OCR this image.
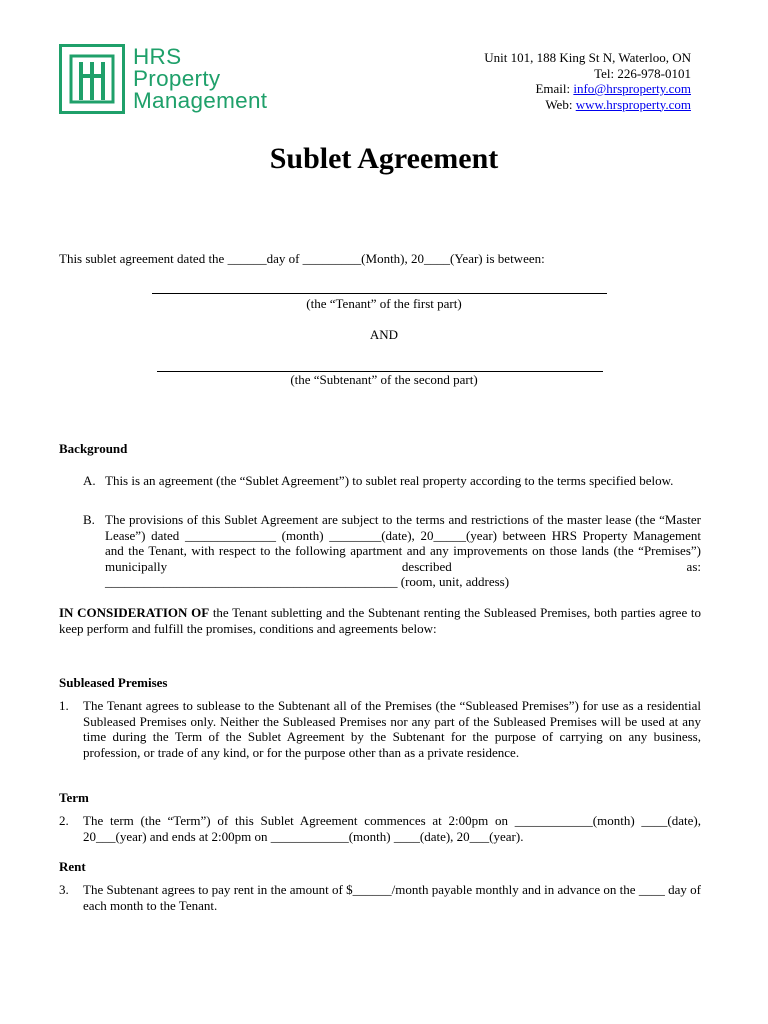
HRS
Property
Management
Unit 101, 188 King St N, Waterloo, ON
Tel: 226-978-0101
Email: info@hrsproperty.com
Web: www.hrsproperty.com
Sublet Agreement
This sublet agreement dated the ______day of _________(Month), 20____(Year) is between:
(the “Tenant” of the first part)
AND
(the “Subtenant” of the second part)
Background
A. This is an agreement (the “Sublet Agreement”) to sublet real property according to the terms specified below.
B. The provisions of this Sublet Agreement are subject to the terms and restrictions of the master lease (the “Master Lease”) dated ______________ (month) ________(date), 20_____(year) between HRS Property Management and the Tenant, with respect to the following apartment and any improvements on those lands (the “Premises”) municipally described as:
_____________________________________________ (room, unit, address)
IN CONSIDERATION OF the Tenant subletting and the Subtenant renting the Subleased Premises, both parties agree to keep perform and fulfill the promises, conditions and agreements below:
Subleased Premises
1. The Tenant agrees to sublease to the Subtenant all of the Premises (the “Subleased Premises”) for use as a residential Subleased Premises only. Neither the Subleased Premises nor any part of the Subleased Premises will be used at any time during the Term of the Sublet Agreement by the Subtenant for the purpose of carrying on any business, profession, or trade of any kind, or for the purpose other than as a private residence.
Term
2. The term (the “Term”) of this Sublet Agreement commences at 2:00pm on ____________(month) ____(date), 20___(year) and ends at 2:00pm on ____________(month) ____(date), 20___(year).
Rent
3. The Subtenant agrees to pay rent in the amount of $______/month payable monthly and in advance on the ____ day of each month to the Tenant.
